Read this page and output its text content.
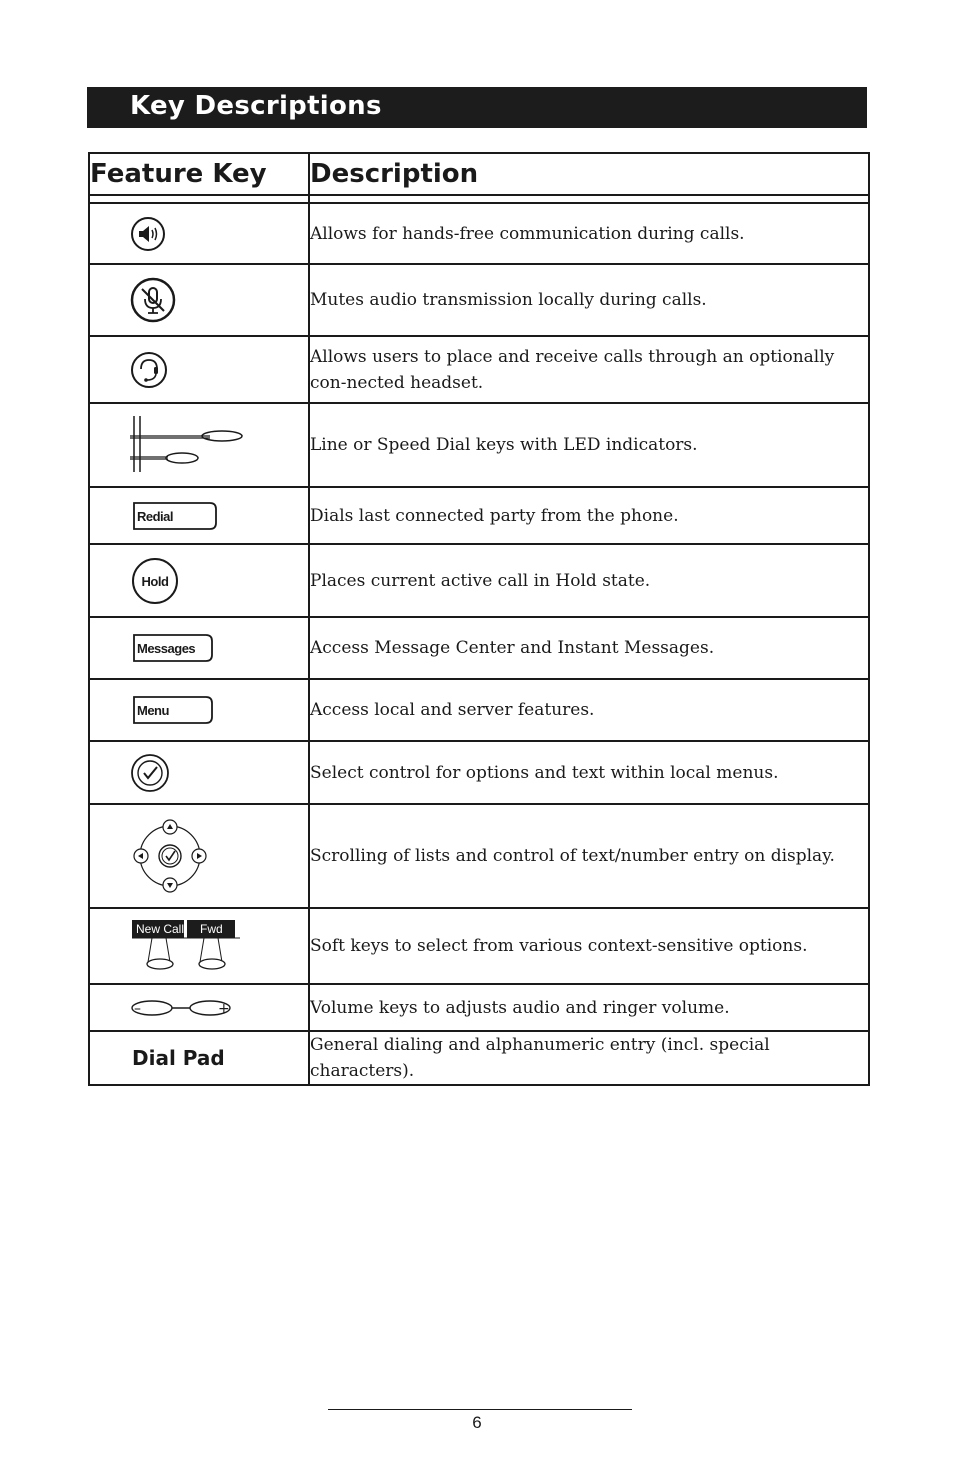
Key Descriptions
Feature Key	Description

	Allows for hands-free communication during calls.

	Mutes audio transmission locally during calls.

	Allows users to place and receive calls through an optionally con-nected headset.

	Line or Speed Dial keys with LED indicators.

Redial	Dials last connected party from the phone.

Hold	Places current active call in Hold state.

Messages	Access Message Center and Instant Messages.

Menu	Access local and server features.

	Select control for options and text within local menus.

	Scrolling of lists and control of text/number entry on display.

New Call Fwd	Soft keys to select from various context-sensitive options.

– +	Volume keys to adjusts audio and ringer volume.

Dial Pad	General dialing and alphanumeric entry (incl. special characters).
6
